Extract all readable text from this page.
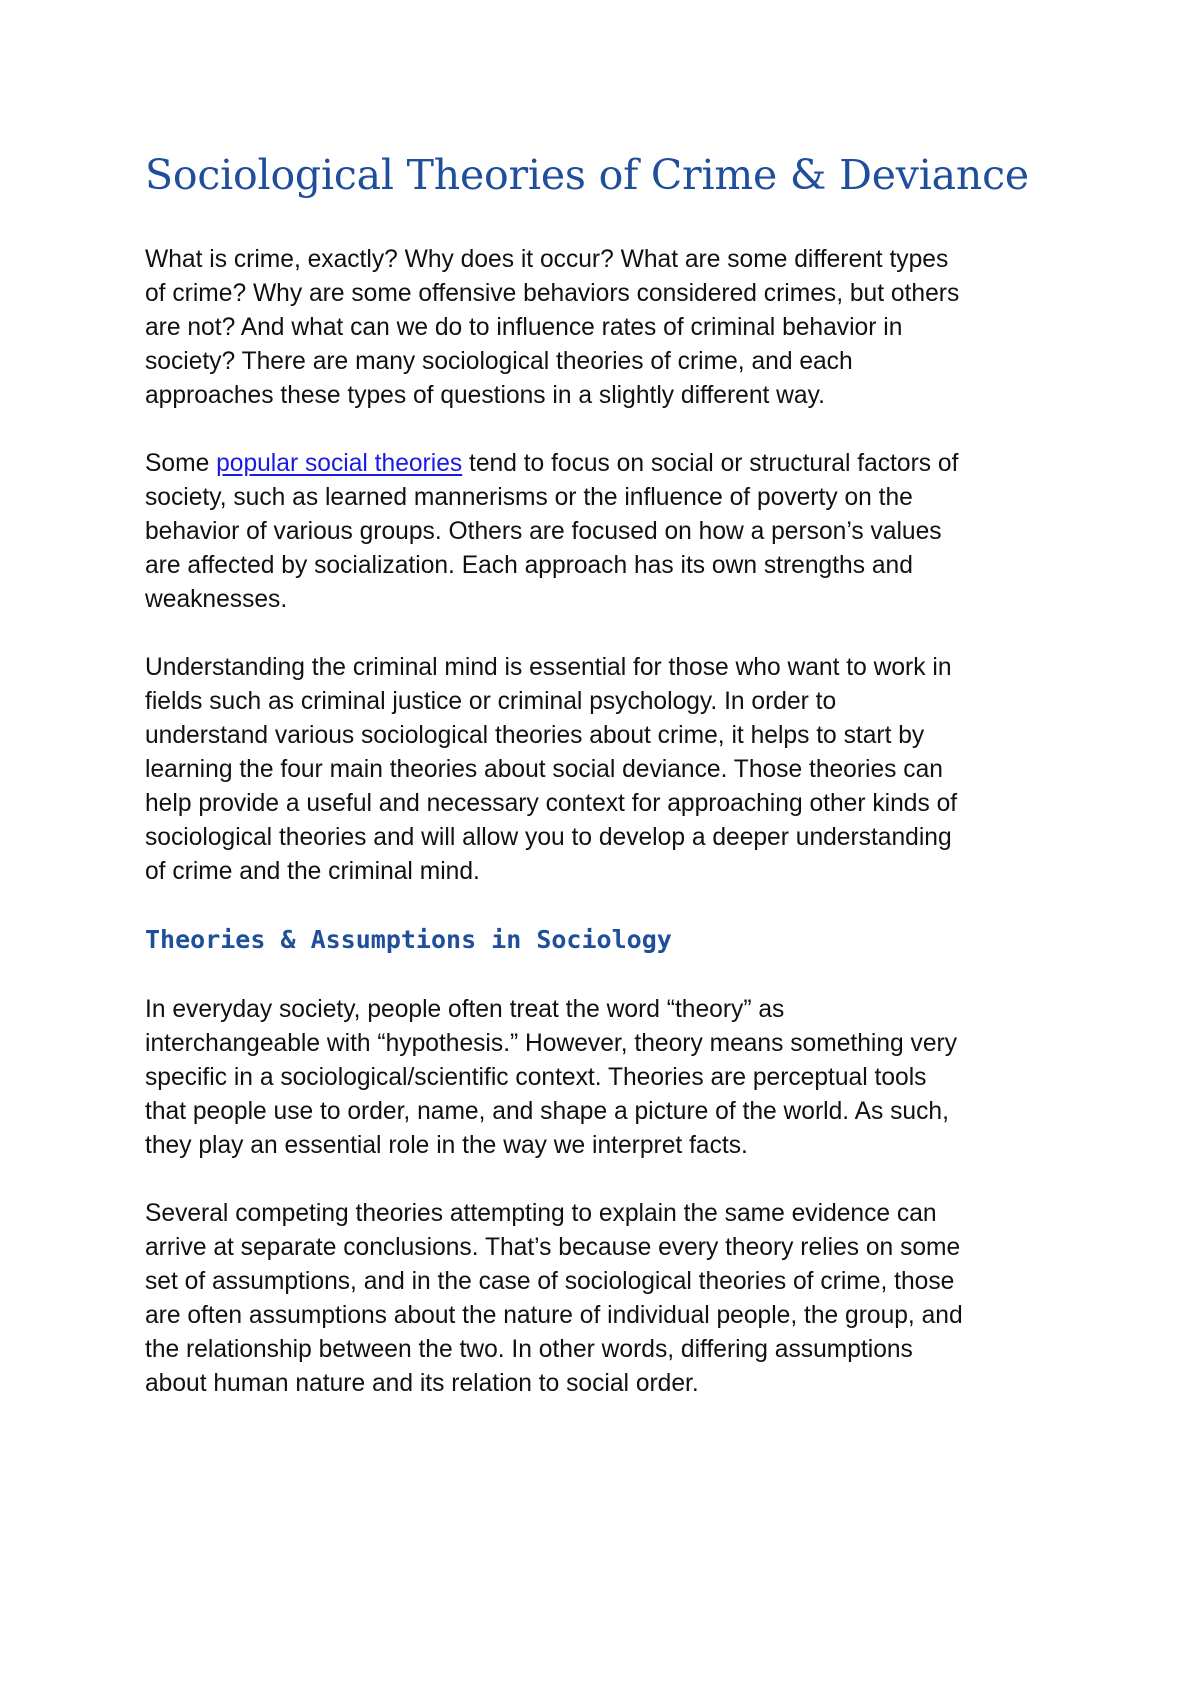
Sociological Theories of Crime & Deviance

What is crime, exactly? Why does it occur? What are some different types
of crime? Why are some offensive behaviors considered crimes, but others
are not? And what can we do to influence rates of criminal behavior in
society? There are many sociological theories of crime, and each
approaches these types of questions in a slightly different way.

Some popular social theories tend to focus on social or structural factors of
society, such as learned mannerisms or the influence of poverty on the
behavior of various groups. Others are focused on how a person’s values
are affected by socialization. Each approach has its own strengths and
weaknesses.

Understanding the criminal mind is essential for those who want to work in
fields such as criminal justice or criminal psychology. In order to
understand various sociological theories about crime, it helps to start by
learning the four main theories about social deviance. Those theories can
help provide a useful and necessary context for approaching other kinds of
sociological theories and will allow you to develop a deeper understanding
of crime and the criminal mind.

Theories & Assumptions in Sociology

In everyday society, people often treat the word “theory” as
interchangeable with “hypothesis.” However, theory means something very
specific in a sociological/scientific context. Theories are perceptual tools
that people use to order, name, and shape a picture of the world. As such,
they play an essential role in the way we interpret facts.

Several competing theories attempting to explain the same evidence can
arrive at separate conclusions. That’s because every theory relies on some
set of assumptions, and in the case of sociological theories of crime, those
are often assumptions about the nature of individual people, the group, and
the relationship between the two. In other words, differing assumptions
about human nature and its relation to social order.
